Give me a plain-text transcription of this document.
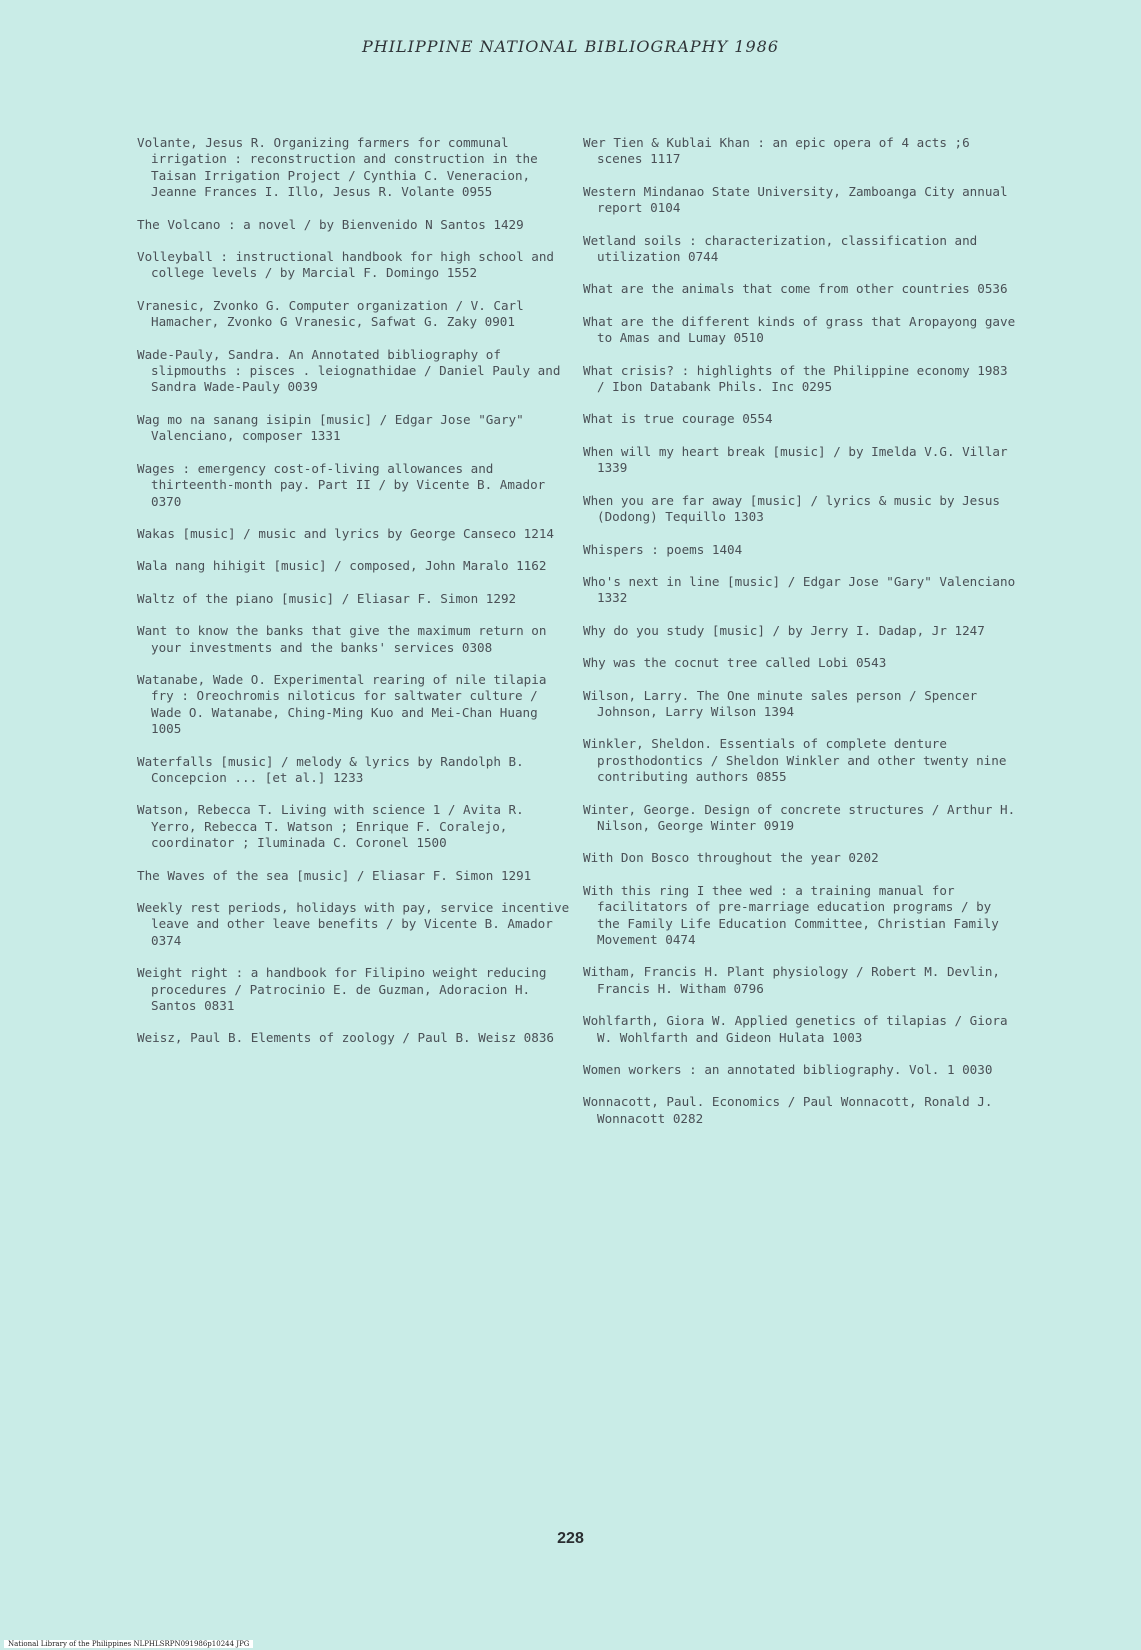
PHILIPPINE NATIONAL BIBLIOGRAPHY 1986

Volante, Jesus R. Organizing farmers for communal irrigation : reconstruction and construction in the Taisan Irrigation Project / Cynthia C. Veneracion, Jeanne Frances I. Illo, Jesus R. Volante 0955

The Volcano : a novel / by Bienvenido N Santos 1429

Volleyball : instructional handbook for high school and college levels / by Marcial F. Domingo 1552

Vranesic, Zvonko G. Computer organization / V. Carl Hamacher, Zvonko G Vranesic, Safwat G. Zaky 0901

Wade-Pauly, Sandra. An Annotated bibliography of slipmouths : pisces . leiognathidae / Daniel Pauly and Sandra Wade-Pauly 0039

Wag mo na sanang isipin [music] / Edgar Jose "Gary" Valenciano, composer 1331

Wages : emergency cost-of-living allowances and thirteenth-month pay. Part II / by Vicente B. Amador 0370

Wakas [music] / music and lyrics by George Canseco 1214

Wala nang hihigit [music] / composed, John Maralo 1162

Waltz of the piano [music] / Eliasar F. Simon 1292

Want to know the banks that give the maximum return on your investments and the banks' services 0308

Watanabe, Wade O. Experimental rearing of nile tilapia fry : Oreochromis niloticus for saltwater culture / Wade O. Watanabe, Ching-Ming Kuo and Mei-Chan Huang 1005

Waterfalls [music] / melody & lyrics by Randolph B. Concepcion ... [et al.] 1233

Watson, Rebecca T. Living with science 1 / Avita R. Yerro, Rebecca T. Watson ; Enrique F. Coralejo, coordinator ; Iluminada C. Coronel 1500

The Waves of the sea [music] / Eliasar F. Simon 1291

Weekly rest periods, holidays with pay, service incentive leave and other leave benefits / by Vicente B. Amador 0374

Weight right : a handbook for Filipino weight reducing procedures / Patrocinio E. de Guzman, Adoracion H. Santos 0831

Weisz, Paul B. Elements of zoology / Paul B. Weisz 0836

Wer Tien & Kublai Khan : an epic opera of 4 acts ;6 scenes 1117

Western Mindanao State University, Zamboanga City annual report 0104

Wetland soils : characterization, classification and utilization 0744

What are the animals that come from other countries 0536

What are the different kinds of grass that Aropayong gave to Amas and Lumay 0510

What crisis? : highlights of the Philippine economy 1983 / Ibon Databank Phils. Inc 0295

What is true courage 0554

When will my heart break [music] / by Imelda V.G. Villar 1339

When you are far away [music] / lyrics & music by Jesus (Dodong) Tequillo 1303

Whispers : poems 1404

Who's next in line [music] / Edgar Jose "Gary" Valenciano 1332

Why do you study [music] / by Jerry I. Dadap, Jr 1247

Why was the cocnut tree called Lobi 0543

Wilson, Larry. The One minute sales person / Spencer Johnson, Larry Wilson 1394

Winkler, Sheldon. Essentials of complete denture prosthodontics / Sheldon Winkler and other twenty nine contributing authors 0855

Winter, George. Design of concrete structures / Arthur H. Nilson, George Winter 0919

With Don Bosco throughout the year 0202

With this ring I thee wed : a training manual for facilitators of pre-marriage education programs / by the Family Life Education Committee, Christian Family Movement 0474

Witham, Francis H. Plant physiology / Robert M. Devlin, Francis H. Witham 0796

Wohlfarth, Giora W. Applied genetics of tilapias / Giora W. Wohlfarth and Gideon Hulata 1003

Women workers : an annotated bibliography. Vol. 1 0030

Wonnacott, Paul. Economics / Paul Wonnacott, Ronald J. Wonnacott 0282

228
National Library of the Philippines NLPHLSRPN091986p10244 JPG
